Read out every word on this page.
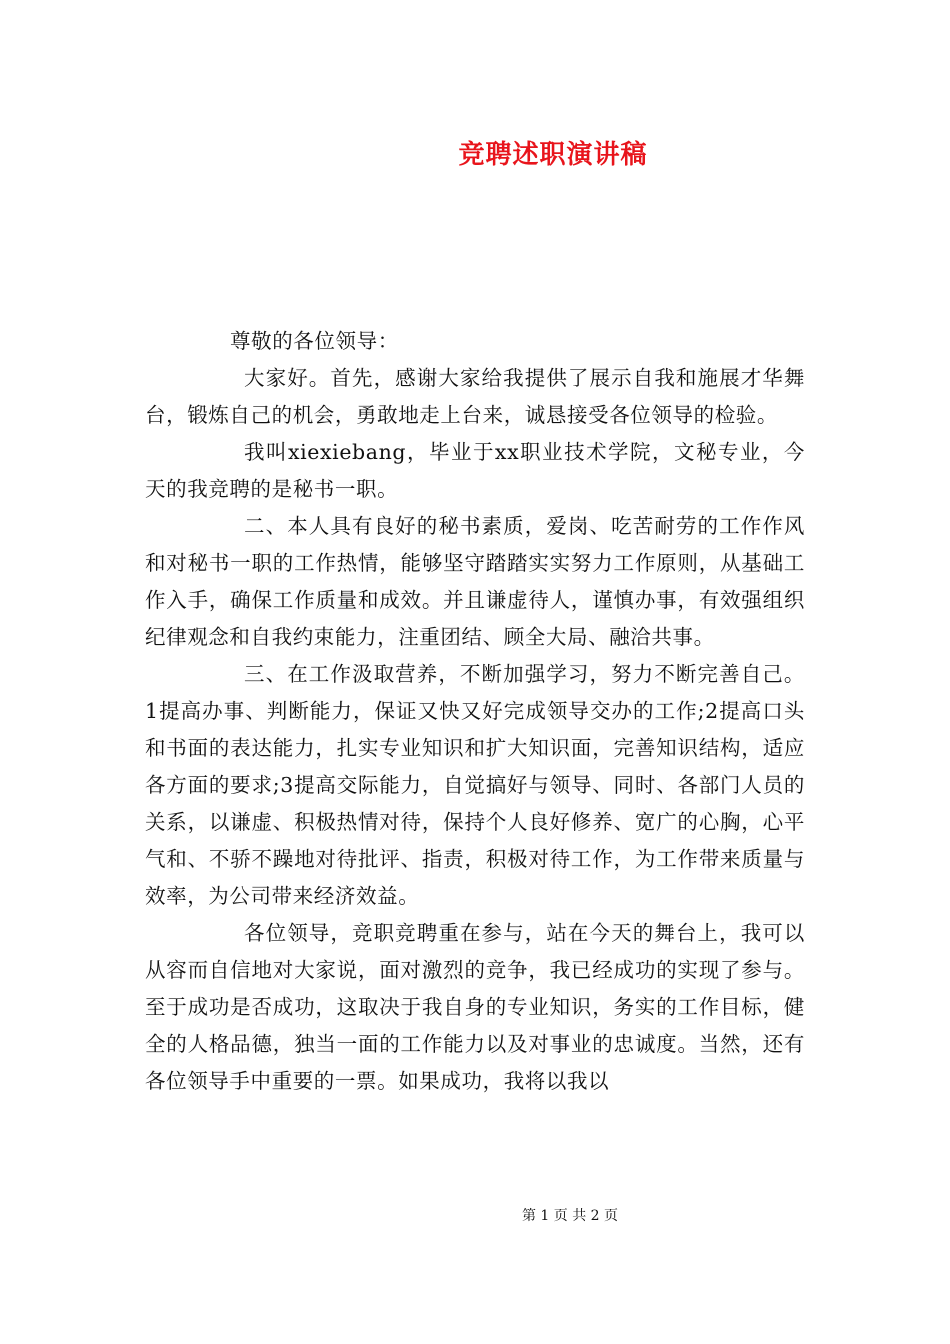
竞聘述职演讲稿

尊敬的各位领导：

大家好。首先，感谢大家给我提供了展示自我和施展才华舞台，锻炼自己的机会，勇敢地走上台来，诚恳接受各位领导的检验。

我叫xiexiebang，毕业于xx职业技术学院，文秘专业，今天的我竞聘的是秘书一职。

二、本人具有良好的秘书素质，爱岗、吃苦耐劳的工作作风和对秘书一职的工作热情，能够坚守踏踏实实努力工作原则，从基础工作入手，确保工作质量和成效。并且谦虚待人，谨慎办事，有效强组织纪律观念和自我约束能力，注重团结、顾全大局、融洽共事。

三、在工作汲取营养，不断加强学习，努力不断完善自己。1提高办事、判断能力，保证又快又好完成领导交办的工作;2提高口头和书面的表达能力，扎实专业知识和扩大知识面，完善知识结构，适应各方面的要求;3提高交际能力，自觉搞好与领导、同时、各部门人员的关系，以谦虚、积极热情对待，保持个人良好修养、宽广的心胸，心平气和、不骄不躁地对待批评、指责，积极对待工作，为工作带来质量与效率，为公司带来经济效益。

各位领导，竞职竞聘重在参与，站在今天的舞台上，我可以从容而自信地对大家说，面对激烈的竞争，我已经成功的实现了参与。至于成功是否成功，这取决于我自身的专业知识，务实的工作目标，健全的人格品德，独当一面的工作能力以及对事业的忠诚度。当然，还有各位领导手中重要的一票。如果成功，我将以我以

第 1 页 共 2 页
